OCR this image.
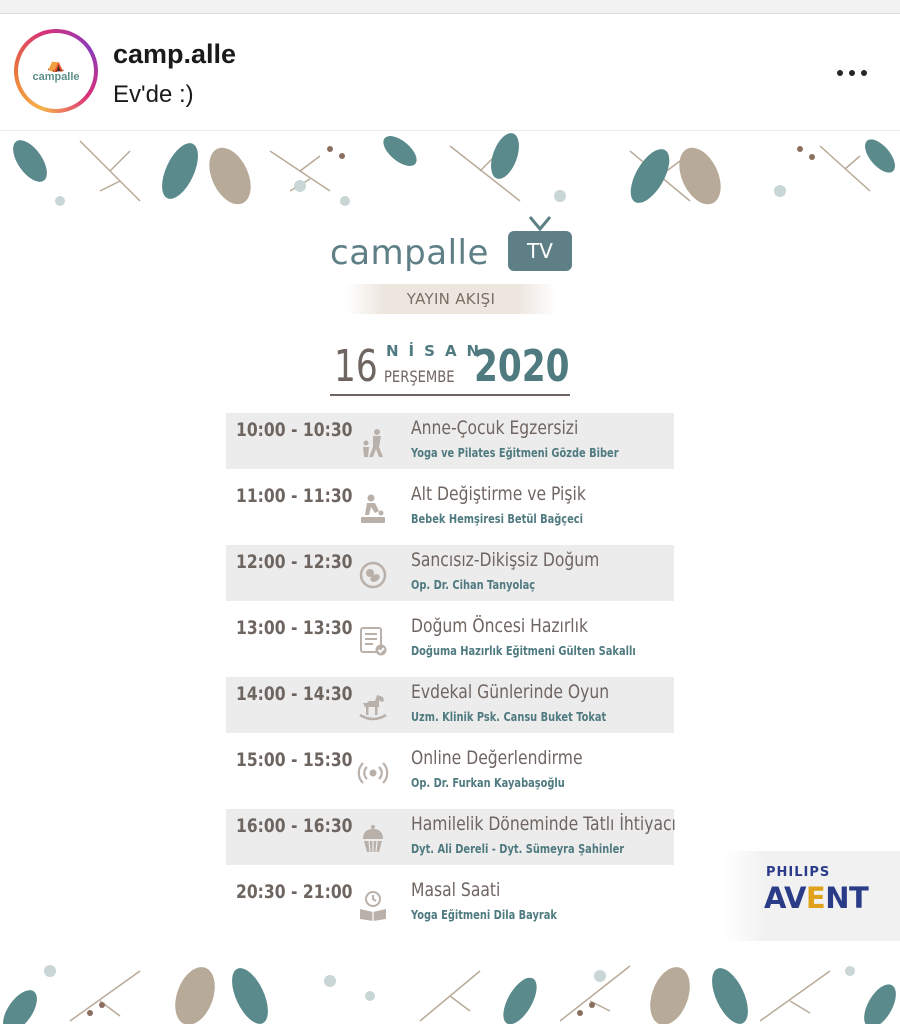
⛺
campalle
camp.alle
Ev'de :)
campalle	TV
YAYIN AKIŞI
16 NİSAN
PERŞEMBE 2020
10:00 - 10:30	Anne-Çocuk Egzersizi
Yoga ve Pilates Eğitmeni Gözde Biber
11:00 - 11:30	Alt Değiştirme ve Pişik
Bebek Hemşiresi Betül Bağçeci
12:00 - 12:30	Sancısız-Dikişsiz Doğum
Op. Dr. Cihan Tanyolaç
13:00 - 13:30	Doğum Öncesi Hazırlık
Doğuma Hazırlık Eğitmeni Gülten Sakallı
14:00 - 14:30	Evdekal Günlerinde Oyun
Uzm. Klinik Psk. Cansu Buket Tokat
15:00 - 15:30	Online Değerlendirme
Op. Dr. Furkan Kayabaşoğlu
16:00 - 16:30	Hamilelik Döneminde Tatlı İhtiyacı
Dyt. Ali Dereli - Dyt. Sümeyra Şahinler
20:30 - 21:00	Masal Saati
Yoga Eğitmeni Dila Bayrak
PHILIPS
AVENT
